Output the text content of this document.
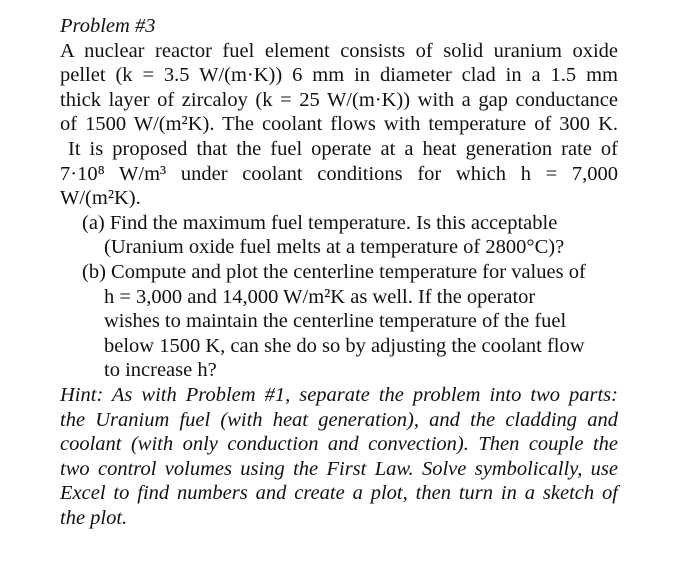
Problem #3
A nuclear reactor fuel element consists of solid uranium oxide
pellet (k = 3.5 W/(m·K)) 6 mm in diameter clad in a 1.5 mm
thick layer of zircaloy (k = 25 W/(m·K)) with a gap conductance
of 1500 W/(m²K). The coolant flows with temperature of 300 K.
It is proposed that the fuel operate at a heat generation rate of
7·10⁸ W/m³ under coolant conditions for which h = 7,000
W/(m²K).
(a) Find the maximum fuel temperature. Is this acceptable
(Uranium oxide fuel melts at a temperature of 2800°C)?
(b) Compute and plot the centerline temperature for values of
h = 3,000 and 14,000 W/m²K as well. If the operator
wishes to maintain the centerline temperature of the fuel
below 1500 K, can she do so by adjusting the coolant flow
to increase h?
Hint: As with Problem #1, separate the problem into two parts:
the Uranium fuel (with heat generation), and the cladding and
coolant (with only conduction and convection). Then couple the
two control volumes using the First Law. Solve symbolically, use
Excel to find numbers and create a plot, then turn in a sketch of
the plot.
